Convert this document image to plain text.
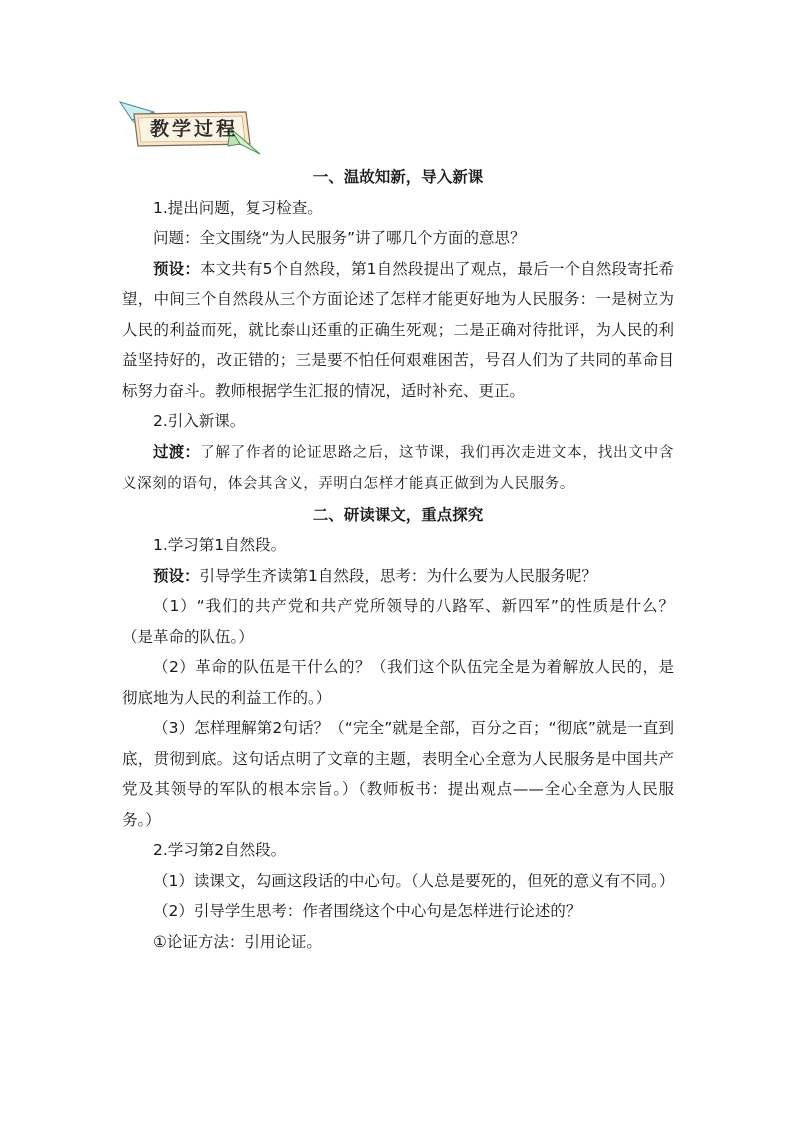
教学过程

一、温故知新，导入新课

1.提出问题，复习检查。

问题：全文围绕“为人民服务”讲了哪几个方面的意思？

预设：本文共有5个自然段，第1自然段提出了观点，最后一个自然段寄托希望，中间三个自然段从三个方面论述了怎样才能更好地为人民服务：一是树立为人民的利益而死，就比泰山还重的正确生死观；二是正确对待批评，为人民的利益坚持好的，改正错的；三是要不怕任何艰难困苦，号召人们为了共同的革命目标努力奋斗。教师根据学生汇报的情况，适时补充、更正。

2.引入新课。

过渡：了解了作者的论证思路之后，这节课，我们再次走进文本，找出文中含义深刻的语句，体会其含义，弄明白怎样才能真正做到为人民服务。

二、研读课文，重点探究

1.学习第1自然段。

预设：引导学生齐读第1自然段，思考：为什么要为人民服务呢？

（1）“我们的共产党和共产党所领导的八路军、新四军”的性质是什么？（是革命的队伍。）

（2）革命的队伍是干什么的？（我们这个队伍完全是为着解放人民的，是彻底地为人民的利益工作的。）

（3）怎样理解第2句话？（“完全”就是全部，百分之百；“彻底”就是一直到底，贯彻到底。这句话点明了文章的主题，表明全心全意为人民服务是中国共产党及其领导的军队的根本宗旨。）（教师板书：提出观点——全心全意为人民服务。）

2.学习第2自然段。

（1）读课文，勾画这段话的中心句。（人总是要死的，但死的意义有不同。）

（2）引导学生思考：作者围绕这个中心句是怎样进行论述的？

①论证方法：引用论证。
